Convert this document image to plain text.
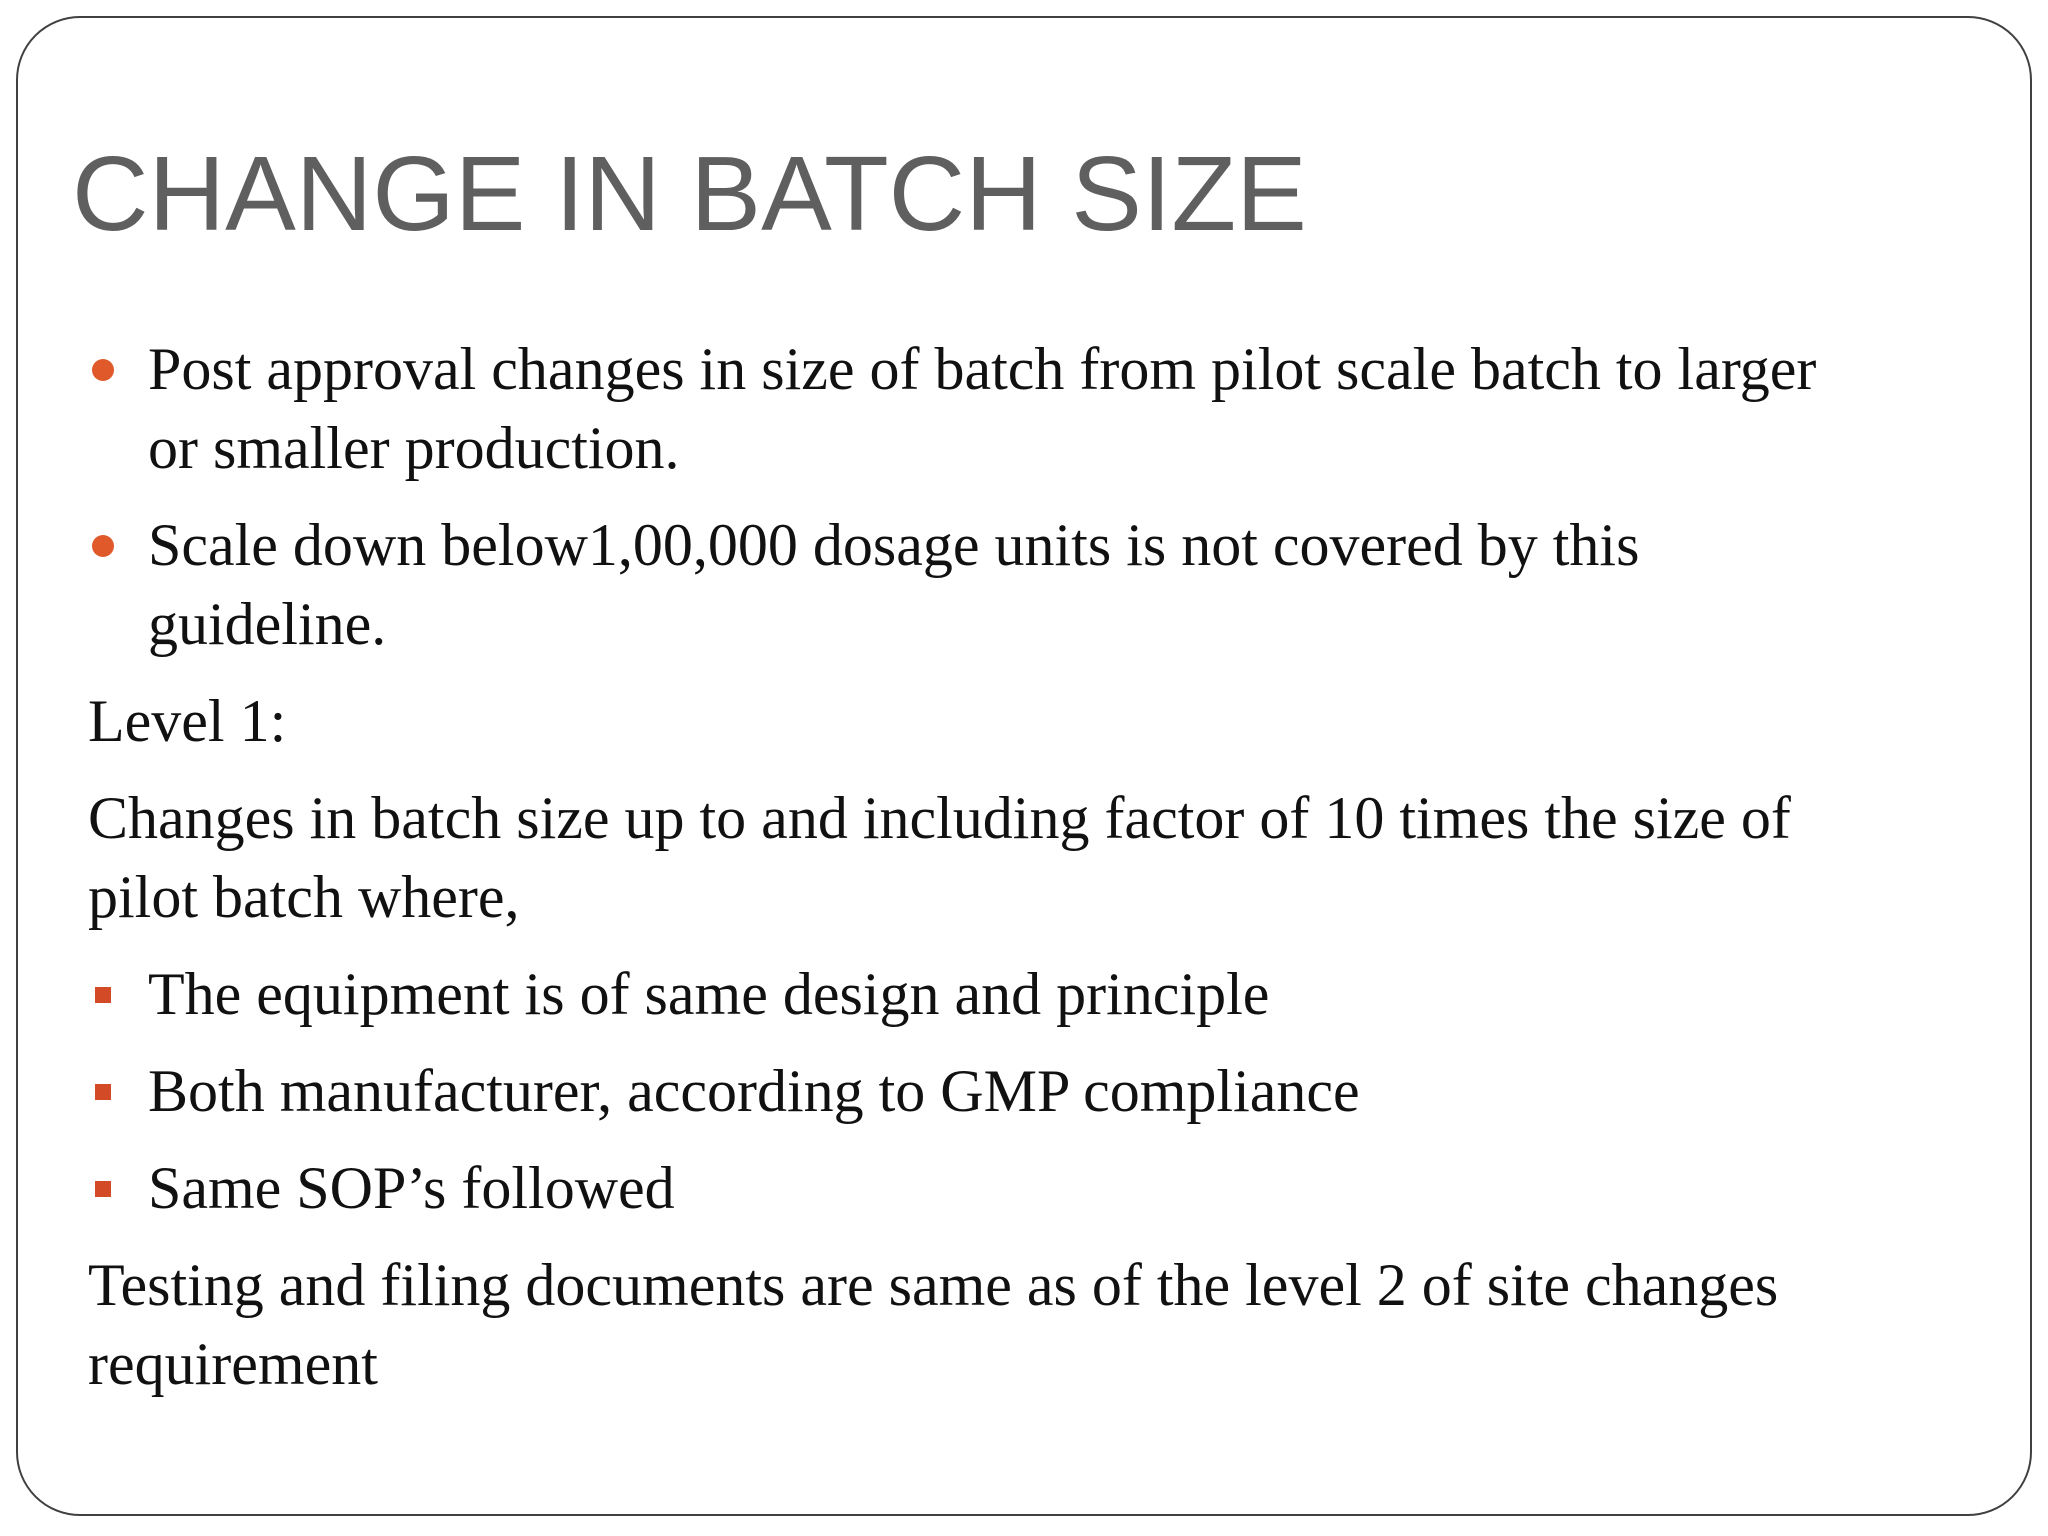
CHANGE IN BATCH SIZE
Post approval changes in size of batch from pilot scale batch to larger
or smaller production.
Scale down below1,00,000 dosage units is not covered by this
guideline.
Level 1:
Changes in batch size up to and including factor of 10 times the size of
pilot batch where,
The equipment is of same design and principle
Both manufacturer, according to GMP compliance
Same SOP’s followed
Testing and filing documents are same as of the level 2 of site changes
requirement
